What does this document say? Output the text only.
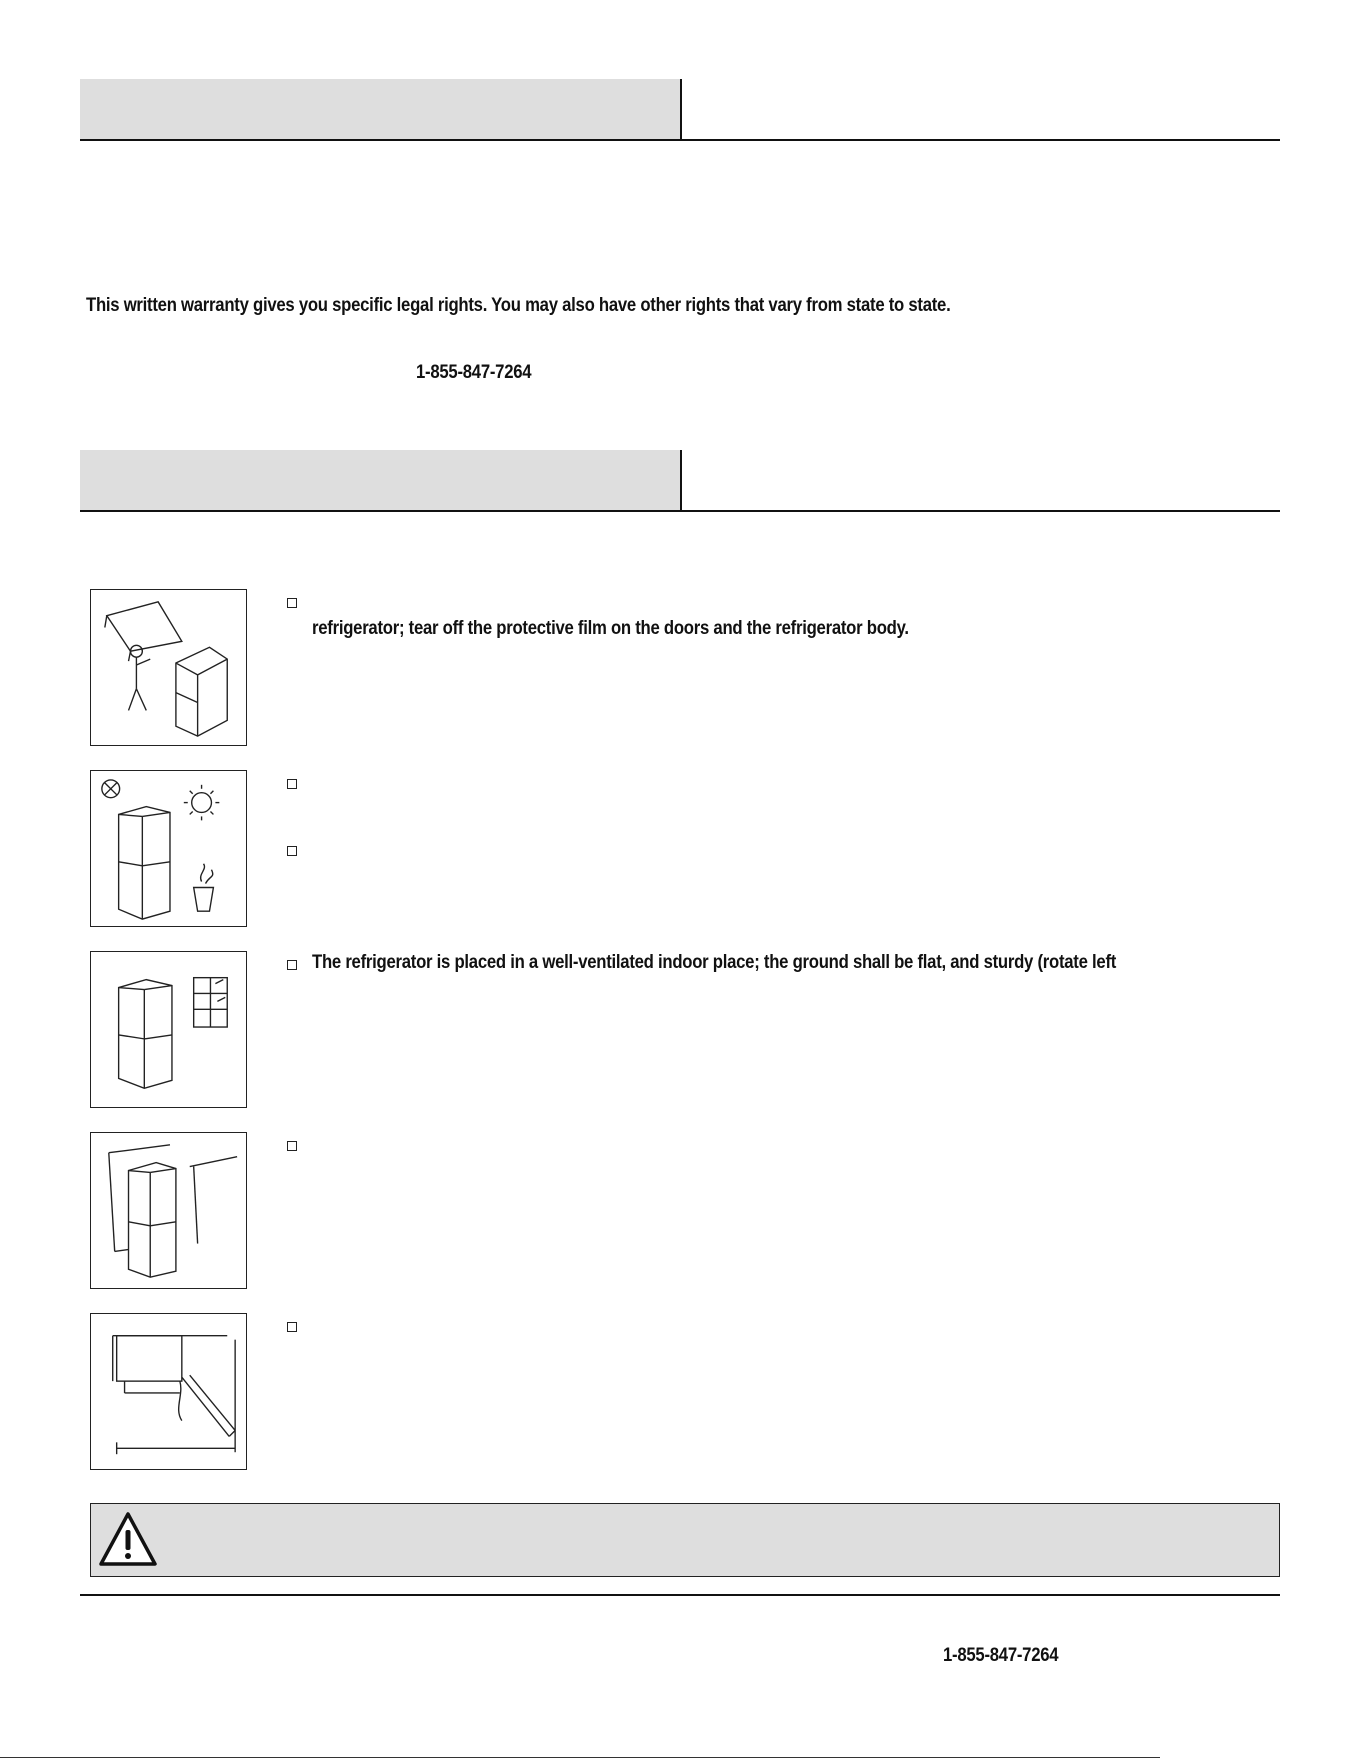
This written warranty gives you specific legal rights. You may also have other rights that vary from state to state.
1-855-847-7264
refrigerator; tear off the protective film on the doors and the refrigerator body.
The refrigerator is placed in a well-ventilated indoor place; the ground shall be flat, and sturdy (rotate left
1-855-847-7264
